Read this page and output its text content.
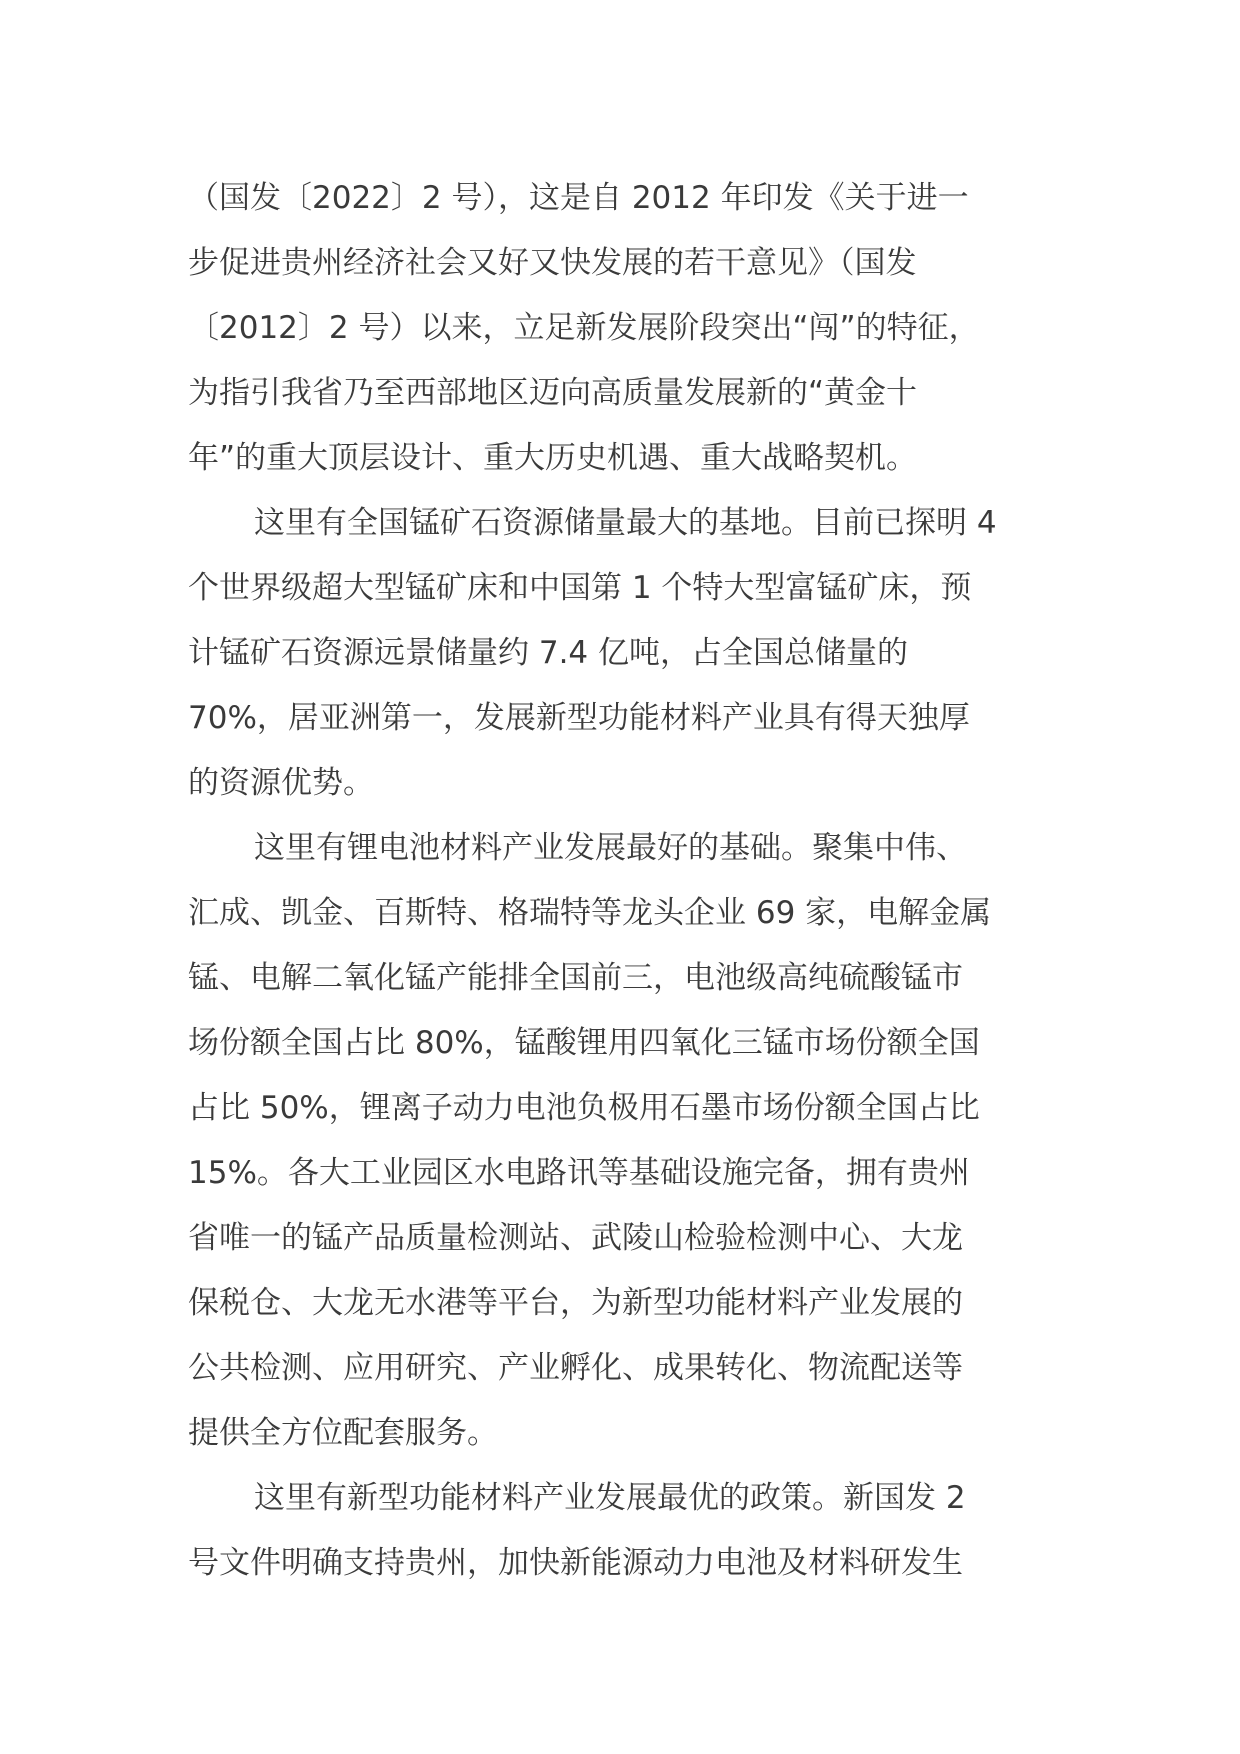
（国发〔2022〕2 号），这是自 2012 年印发《关于进一
步促进贵州经济社会又好又快发展的若干意见》（国发
〔2012〕2 号）以来，立足新发展阶段突出“闯”的特征，
为指引我省乃至西部地区迈向高质量发展新的“黄金十
年”的重大顶层设计、重大历史机遇、重大战略契机。
这里有全国锰矿石资源储量最大的基地。目前已探明 4
个世界级超大型锰矿床和中国第 1 个特大型富锰矿床，预
计锰矿石资源远景储量约 7.4 亿吨，占全国总储量的
70%，居亚洲第一，发展新型功能材料产业具有得天独厚
的资源优势。
这里有锂电池材料产业发展最好的基础。聚集中伟、
汇成、凯金、百斯特、格瑞特等龙头企业 69 家，电解金属
锰、电解二氧化锰产能排全国前三，电池级高纯硫酸锰市
场份额全国占比 80%，锰酸锂用四氧化三锰市场份额全国
占比 50%，锂离子动力电池负极用石墨市场份额全国占比
15%。各大工业园区水电路讯等基础设施完备，拥有贵州
省唯一的锰产品质量检测站、武陵山检验检测中心、大龙
保税仓、大龙无水港等平台，为新型功能材料产业发展的
公共检测、应用研究、产业孵化、成果转化、物流配送等
提供全方位配套服务。
这里有新型功能材料产业发展最优的政策。新国发 2
号文件明确支持贵州，加快新能源动力电池及材料研发生
